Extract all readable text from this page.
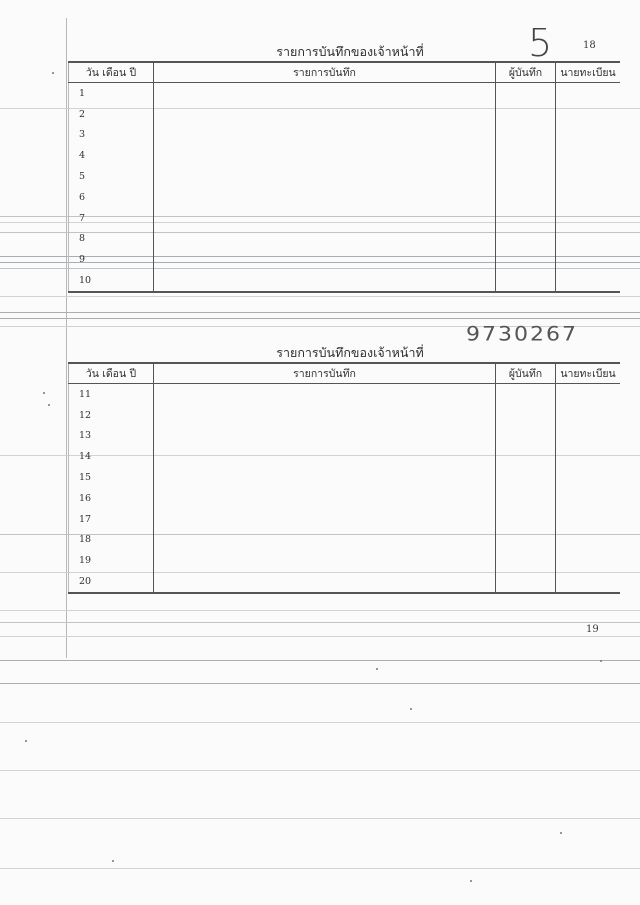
18
5
รายการบันทึกของเจ้าหน้าที่
วัน เดือน ปี	รายการบันทึก	ผู้บันทึก	นายทะเบียน
1			
2			
3			
4			
5			
6			
7			
8			
9			
10			
9730267
รายการบันทึกของเจ้าหน้าที่
วัน เดือน ปี	รายการบันทึก	ผู้บันทึก	นายทะเบียน
11			
12			
13			
14			
15			
16			
17			
18			
19			
20			
19
